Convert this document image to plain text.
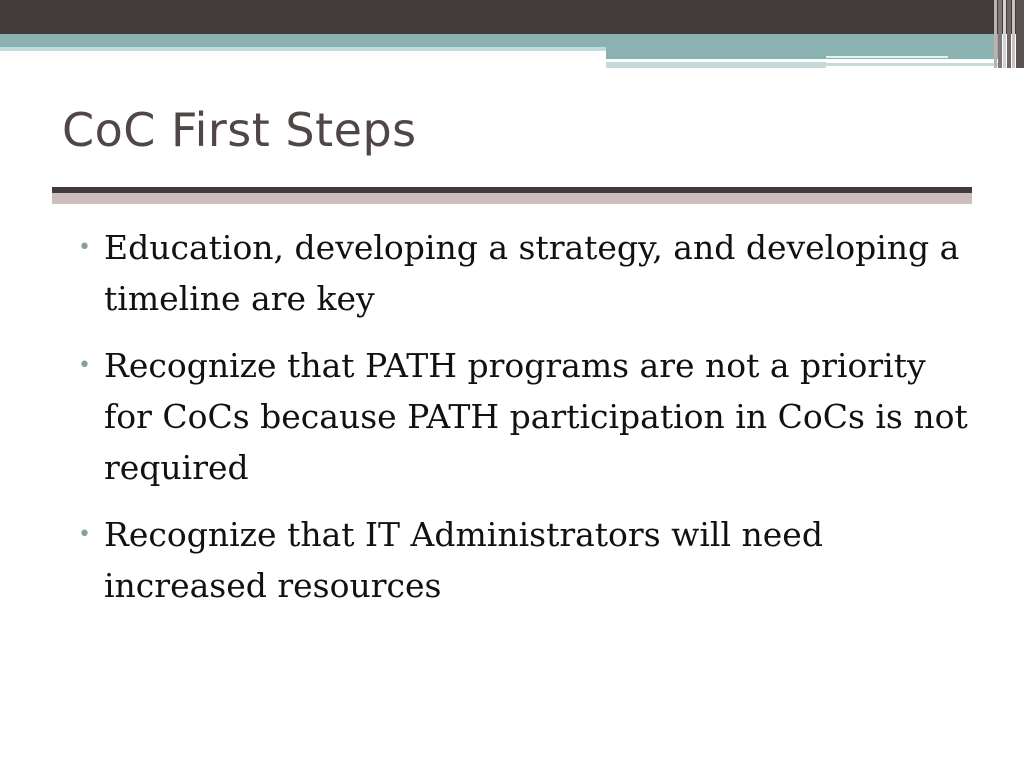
CoC First Steps
• Education, developing a strategy, and developing a timeline are key
• Recognize that PATH programs are not a priority for CoCs because PATH participation in CoCs is not required
• Recognize that IT Administrators will need increased resources
